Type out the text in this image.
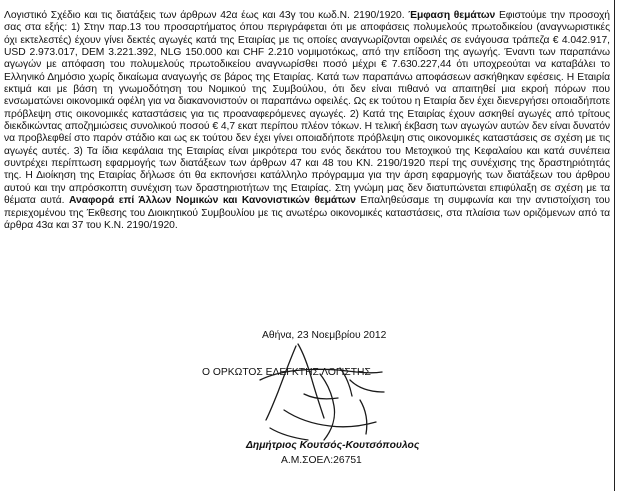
Λογιστικό Σχέδιο και τις διατάξεις των άρθρων 42α έως και 43γ του κωδ.Ν. 2190/1920. Έμφαση θεμάτων Εφιστούμε την προσοχή σας στα εξής: 1) Στην παρ.13 του προσαρτήματος όπου περιγράφεται ότι με αποφάσεις πολυμελούς πρωτοδικείου (αναγνωριστικές όχι εκτελεστές) έχουν γίνει δεκτές αγωγές κατά της Εταιρίας με τις οποίες αναγνωρίζονται οφειλές σε ενάγουσα τράπεζα € 4.042.917, USD 2.973.017, DEM 3.221.392, NLG 150.000 και CHF 2.210 νομιμοτόκως, από την επίδοση της αγωγής. Έναντι των παραπάνω αγωγών με απόφαση του πολυμελούς πρωτοδικείου αναγνωρίσθει ποσό μέχρι € 7.630.227,44 ότι υποχρεούται να καταβάλει το Ελληνικό Δημόσιο χωρίς δικαίωμα αναγωγής σε βάρος της Εταιρίας. Κατά των παραπάνω αποφάσεων ασκήθηκαν εφέσεις. Η Εταιρία εκτιμά και με βάση τη γνωμοδότηση του Νομικού της Συμβούλου, ότι δεν είναι πιθανό να απαιτηθεί μια εκροή πόρων που ενσωματώνει οικονομικά οφέλη για να διακανονιστούν οι παραπάνω οφειλές. Ως εκ τούτου η Εταιρία δεν έχει διενεργήσει οποιαδήποτε πρόβλεψη στις οικονομικές καταστάσεις για τις προαναφερόμενες αγωγές. 2) Κατά της Εταιρίας έχουν ασκηθεί αγωγές από τρίτους διεκδικώντας αποζημιώσεις συνολικού ποσού € 4,7 εκατ περίπου πλέον τόκων. Η τελική έκβαση των αγωγών αυτών δεν είναι δυνατόν να προβλεφθεί στο παρόν στάδιο και ως εκ τούτου δεν έχει γίνει οποιαδήποτε πρόβλεψη στις οικονομικές καταστάσεις σε σχέση με τις αγωγές αυτές. 3) Τα ίδια κεφάλαια της Εταιρίας είναι μικρότερα του ενός δεκάτου του Μετοχικού της Κεφαλαίου και κατά συνέπεια συντρέχει περίπτωση εφαρμογής των διατάξεων των άρθρων 47 και 48 του ΚΝ. 2190/1920 περί της συνέχισης της δραστηριότητάς της. Η Διοίκηση της Εταιρίας δήλωσε ότι θα εκπονήσει κατάλληλο πρόγραμμα για την άρση εφαρμογής των διατάξεων του άρθρου αυτού και την απρόσκοπτη συνέχιση των δραστηριοτήτων της Εταιρίας. Στη γνώμη μας δεν διατυπώνεται επιφύλαξη σε σχέση με τα θέματα αυτά. Αναφορά επί Άλλων Νομικών και Κανονιστικών θεμάτων Επαληθεύσαμε τη συμφωνία και την αντιστοίχιση του περιεχομένου της Έκθεσης του Διοικητικού Συμβουλίου με τις ανωτέρω οικονομικές καταστάσεις, στα πλαίσια των οριζόμενων από τα άρθρα 43α και 37 του Κ.Ν. 2190/1920.
Αθήνα, 23 Νοεμβρίου 2012
Ο ΟΡΚΩΤΟΣ ΕΛΕΓΚΤΗΣ ΛΟΓΙΣΤΗΣ
Δημήτριος Κουτσός-Κουτσόπουλος
Α.Μ.ΣΟΕΛ:26751
